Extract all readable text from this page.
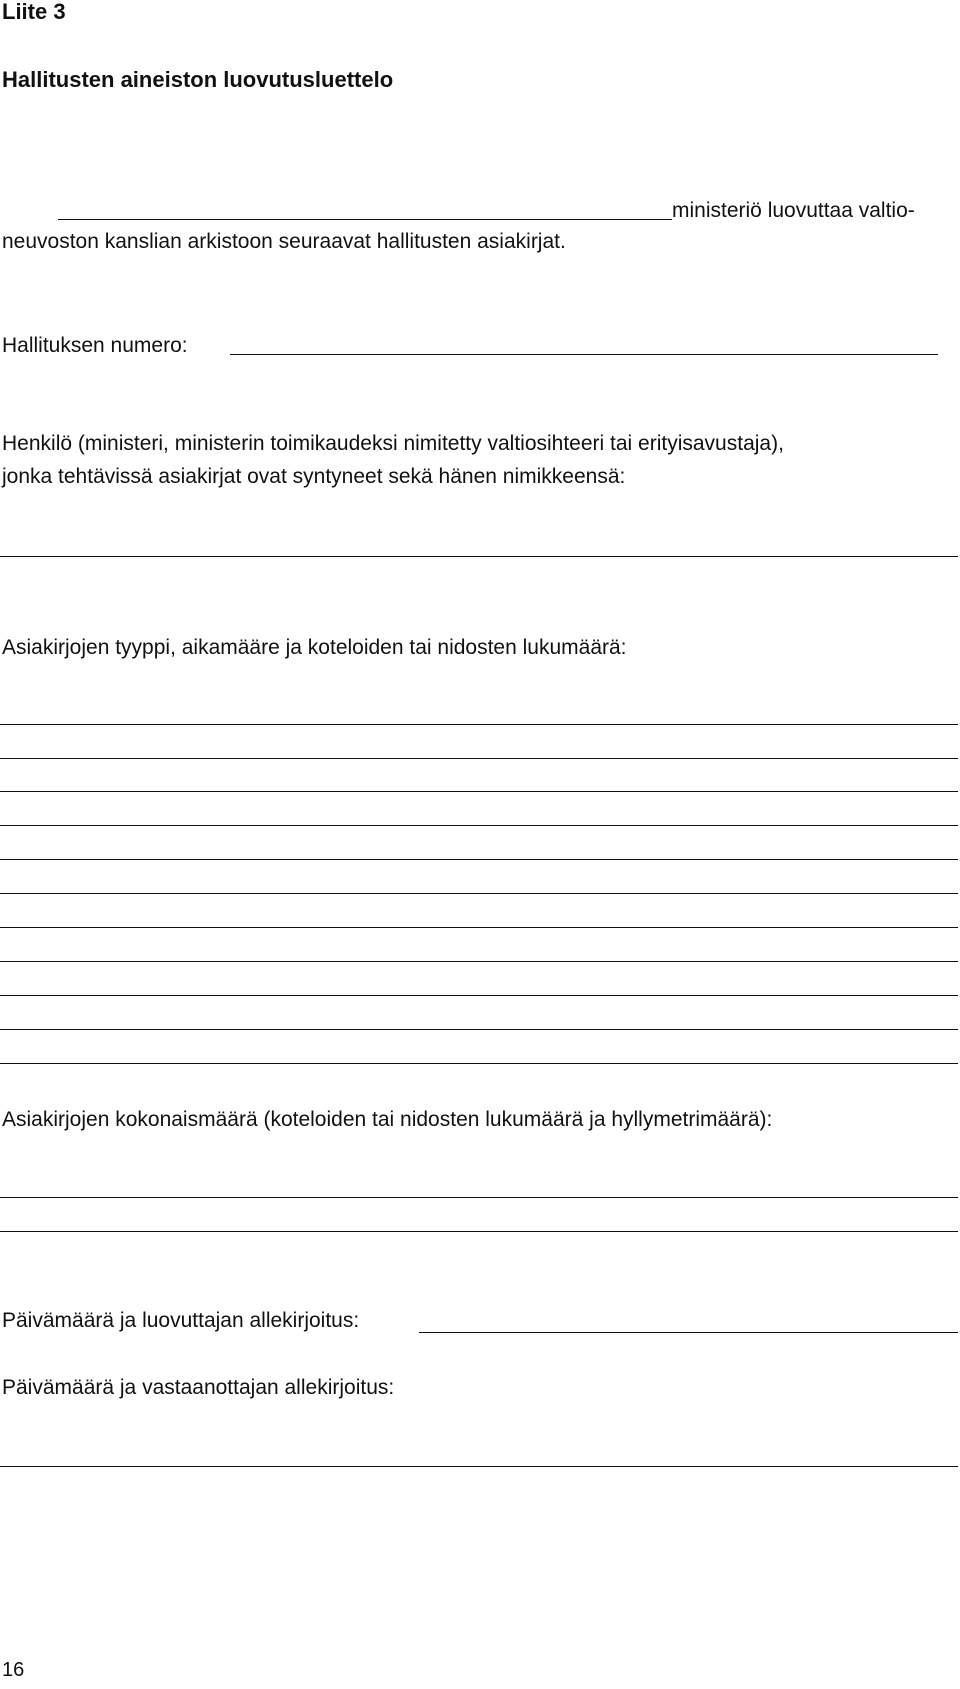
Liite 3
Hallitusten aineiston luovutusluettelo
ministeriö luovuttaa valtio-
neuvoston kanslian arkistoon seuraavat hallitusten asiakirjat.
Hallituksen numero:
Henkilö (ministeri, ministerin toimikaudeksi nimitetty valtiosihteeri tai erityisavustaja),
jonka tehtävissä asiakirjat ovat syntyneet sekä hänen nimikkeensä:
Asiakirjojen tyyppi, aikamääre ja koteloiden tai nidosten lukumäärä:
Asiakirjojen kokonaismäärä (koteloiden tai nidosten lukumäärä ja hyllymetrimäärä):
Päivämäärä ja luovuttajan allekirjoitus:
Päivämäärä ja vastaanottajan allekirjoitus:
16
